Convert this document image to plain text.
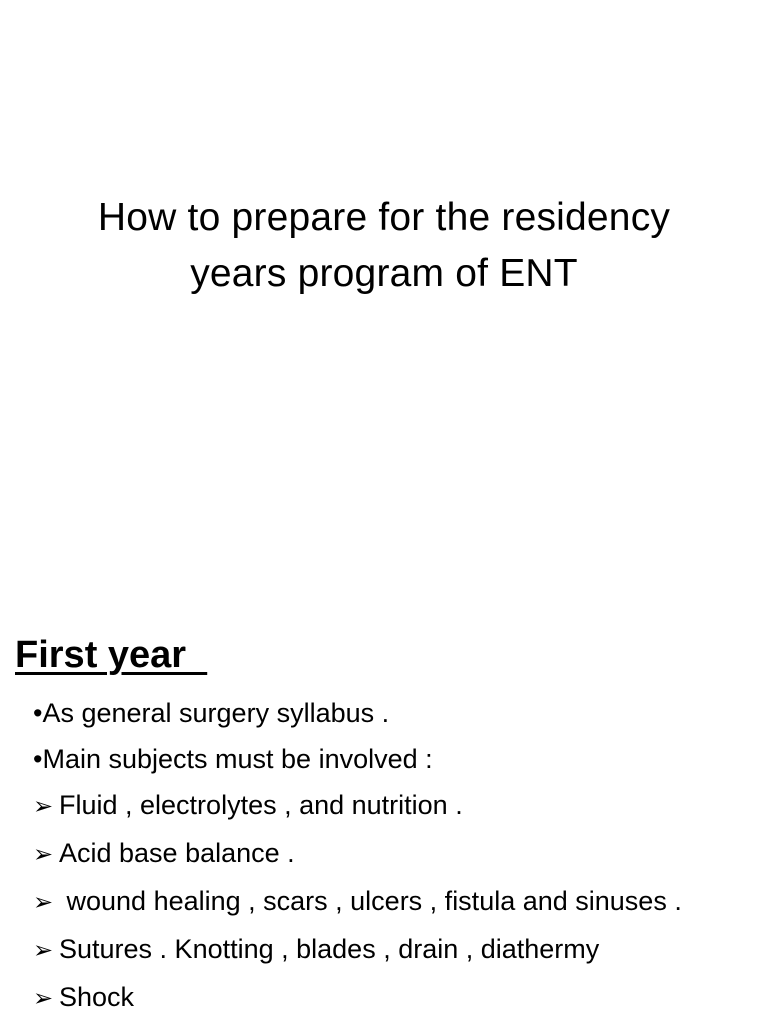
How to prepare for the residency
years program of ENT
First year
•As general surgery syllabus .
•Main subjects must be involved :
➢ Fluid , electrolytes , and nutrition .
➢ Acid base balance .
➢ wound healing , scars , ulcers , fistula and sinuses .
➢ Sutures . Knotting , blades , drain , diathermy
➢ Shock
